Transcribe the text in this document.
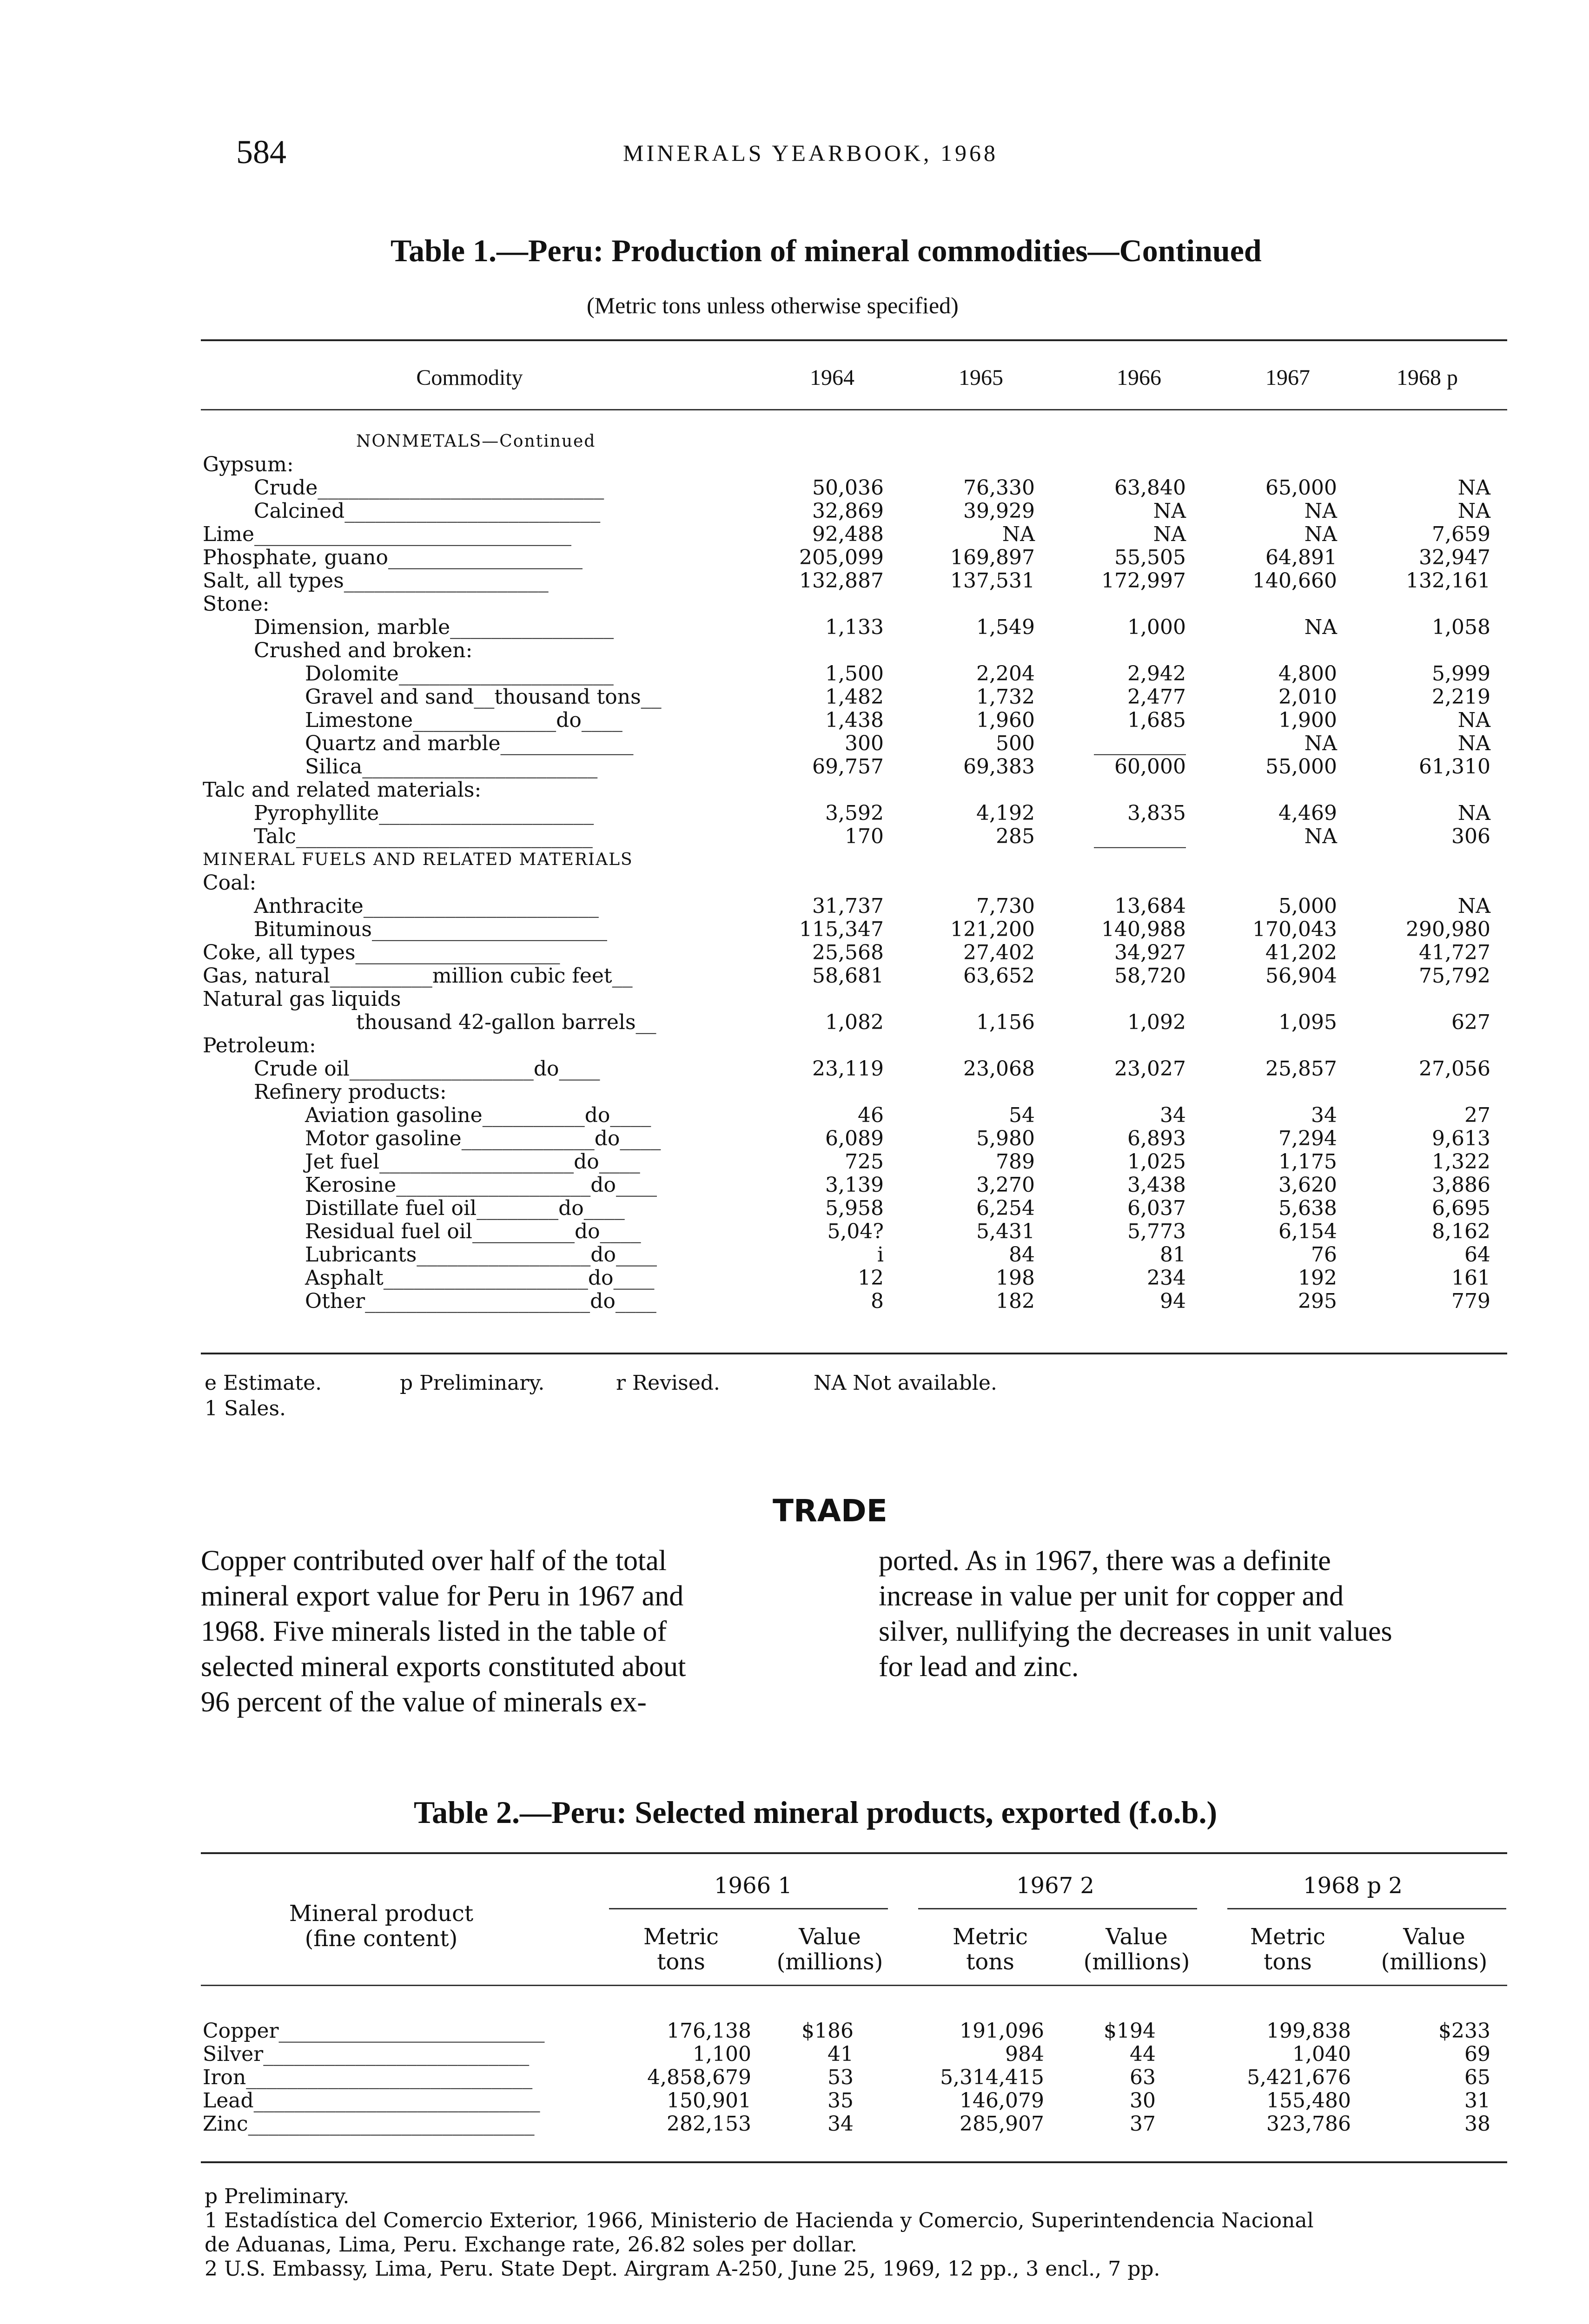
584	MINERALS YEARBOOK, 1968
Table 1.—Peru: Production of mineral commodities—Continued
(Metric tons unless otherwise specified)
Commodity	1964	1965	1966	1967	1968 p
NONMETALS—Continued					
Gypsum:					
Crude____________________________	50,036	76,330	63,840	65,000	NA
Calcined_________________________	32,869	39,929	NA	NA	NA
Lime_______________________________	92,488	NA	NA	NA	7,659
Phosphate, guano___________________	205,099	169,897	55,505	64,891	32,947
Salt, all types____________________	132,887	137,531	172,997	140,660	132,161
Stone:					
Dimension, marble________________	1,133	1,549	1,000	NA	1,058
Crushed and broken:					
Dolomite_____________________	1,500	2,204	2,942	4,800	5,999
Gravel and sand__thousand tons__	1,482	1,732	2,477	2,010	2,219
Limestone______________do____	1,438	1,960	1,685	1,900	NA
Quartz and marble_____________	300	500	_________	NA	NA
Silica_______________________	69,757	69,383	60,000	55,000	61,310
Talc and related materials:					
Pyrophyllite_____________________	3,592	4,192	3,835	4,469	NA
Talc_____________________________	170	285	_________	NA	306
MINERAL FUELS AND RELATED MATERIALS					
Coal:					
Anthracite_______________________	31,737	7,730	13,684	5,000	NA
Bituminous_______________________	115,347	121,200	140,988	170,043	290,980
Coke, all types____________________	25,568	27,402	34,927	41,202	41,727
Gas, natural__________million cubic feet__	58,681	63,652	58,720	56,904	75,792
Natural gas liquids					
thousand 42-gallon barrels__	1,082	1,156	1,092	1,095	627
Petroleum:					
Crude oil__________________do____	23,119	23,068	23,027	25,857	27,056
Refinery products:					
Aviation gasoline__________do____	46	54	34	34	27
Motor gasoline_____________do____	6,089	5,980	6,893	7,294	9,613
Jet fuel___________________do____	725	789	1,025	1,175	1,322
Kerosine___________________do____	3,139	3,270	3,438	3,620	3,886
Distillate fuel oil________do____	5,958	6,254	6,037	5,638	6,695
Residual fuel oil__________do____	5,04?	5,431	5,773	6,154	8,162
Lubricants_________________do____	i	84	81	76	64
Asphalt____________________do____	12	198	234	192	161
Other______________________do____	8	182	94	295	779
e Estimate.	p Preliminary.	r Revised.	NA Not available.
1 Sales.
TRADE
Copper contributed over half of the total
mineral export value for Peru in 1967 and
1968. Five minerals listed in the table of
selected mineral exports constituted about
96 percent of the value of minerals ex-
ported. As in 1967, there was a definite
increase in value per unit for copper and
silver, nullifying the decreases in unit values
for lead and zinc.
Table 2.—Peru: Selected mineral products, exported (f.o.b.)
Mineral product
(fine content)
1966 1	1967 2	1968 p 2
Metric
tons
Value
(millions)
Metric
tons
Value
(millions)
Metric
tons
Value
(millions)
Copper__________________________	176,138	$186	191,096	$194	199,838	$233
Silver__________________________	1,100	41	984	44	1,040	69
Iron____________________________	4,858,679	53	5,314,415	63	5,421,676	65
Lead____________________________	150,901	35	146,079	30	155,480	31
Zinc____________________________	282,153	34	285,907	37	323,786	38
p Preliminary.
1 Estadística del Comercio Exterior, 1966, Ministerio de Hacienda y Comercio, Superintendencia Nacional
de Aduanas, Lima, Peru. Exchange rate, 26.82 soles per dollar.
2 U.S. Embassy, Lima, Peru. State Dept. Airgram A-250, June 25, 1969, 12 pp., 3 encl., 7 pp.
